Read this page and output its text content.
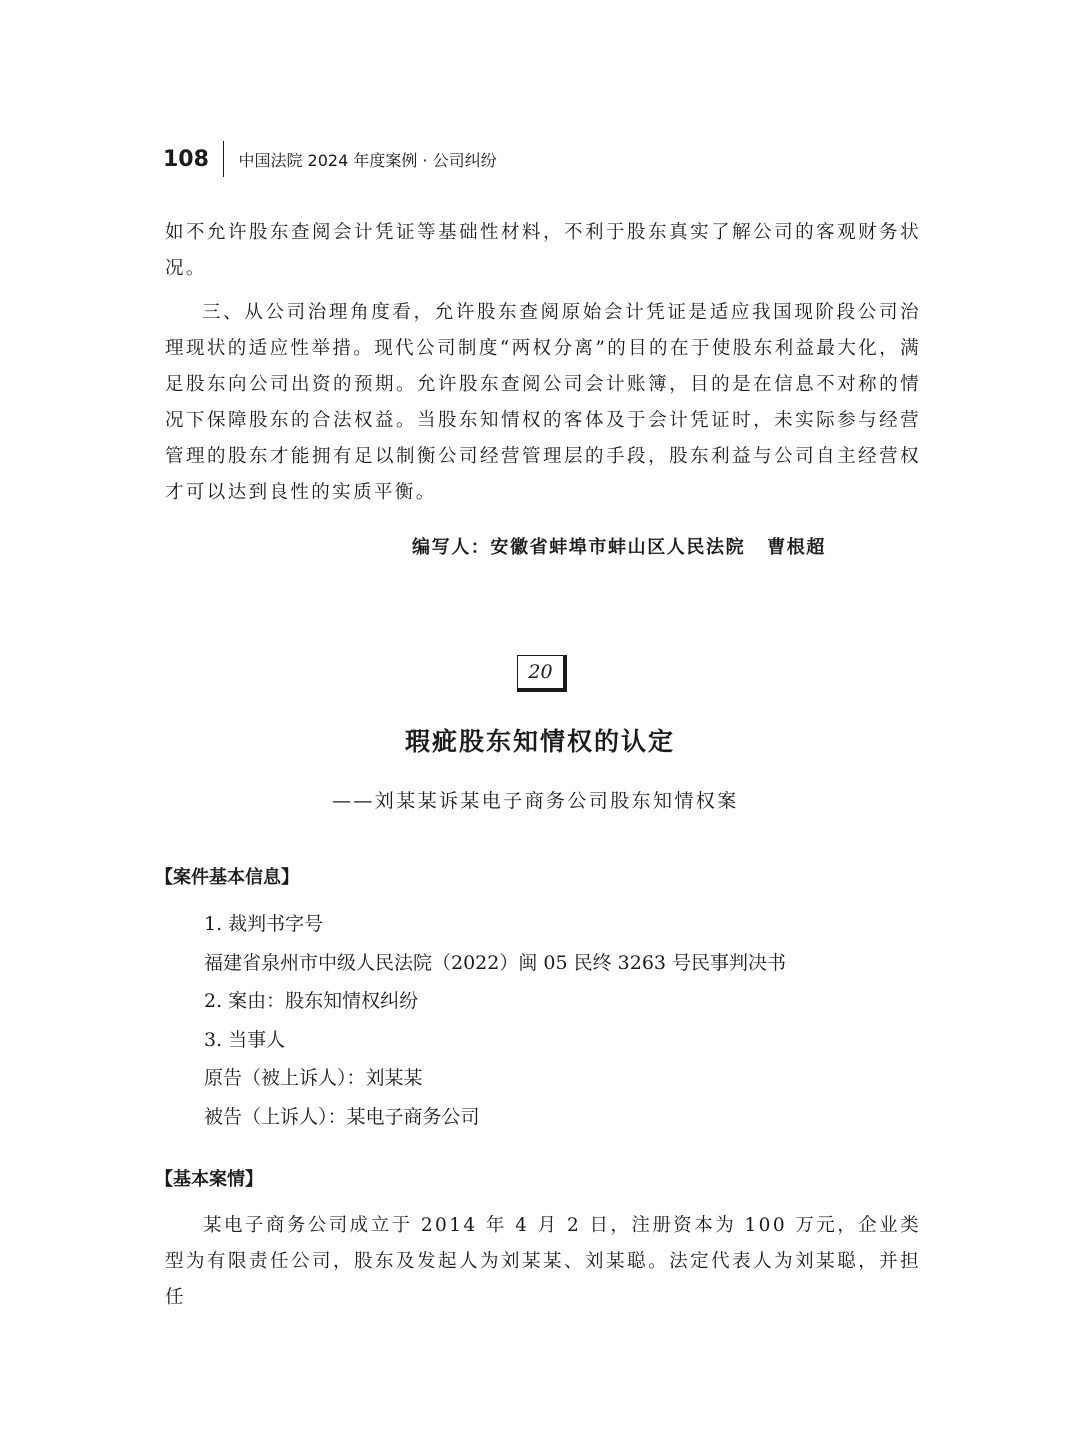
108 中国法院 2024 年度案例 · 公司纠纷

如不允许股东查阅会计凭证等基础性材料，不利于股东真实了解公司的客观财务状况。

三、从公司治理角度看，允许股东查阅原始会计凭证是适应我国现阶段公司治理现状的适应性举措。现代公司制度“两权分离”的目的在于使股东利益最大化，满足股东向公司出资的预期。允许股东查阅公司会计账簿，目的是在信息不对称的情况下保障股东的合法权益。当股东知情权的客体及于会计凭证时，未实际参与经营管理的股东才能拥有足以制衡公司经营管理层的手段，股东利益与公司自主经营权才可以达到良性的实质平衡。

编写人：安徽省蚌埠市蚌山区人民法院 曹根超
20
瑕疵股东知情权的认定

——刘某某诉某电子商务公司股东知情权案

【案件基本信息】
1. 裁判书字号
福建省泉州市中级人民法院（2022）闽 05 民终 3263 号民事判决书
2. 案由：股东知情权纠纷
3. 当事人
原告（被上诉人）：刘某某
被告（上诉人）：某电子商务公司
【基本案情】

某电子商务公司成立于 2014 年 4 月 2 日，注册资本为 100 万元，企业类型为有限责任公司，股东及发起人为刘某某、刘某聪。法定代表人为刘某聪，并担任
